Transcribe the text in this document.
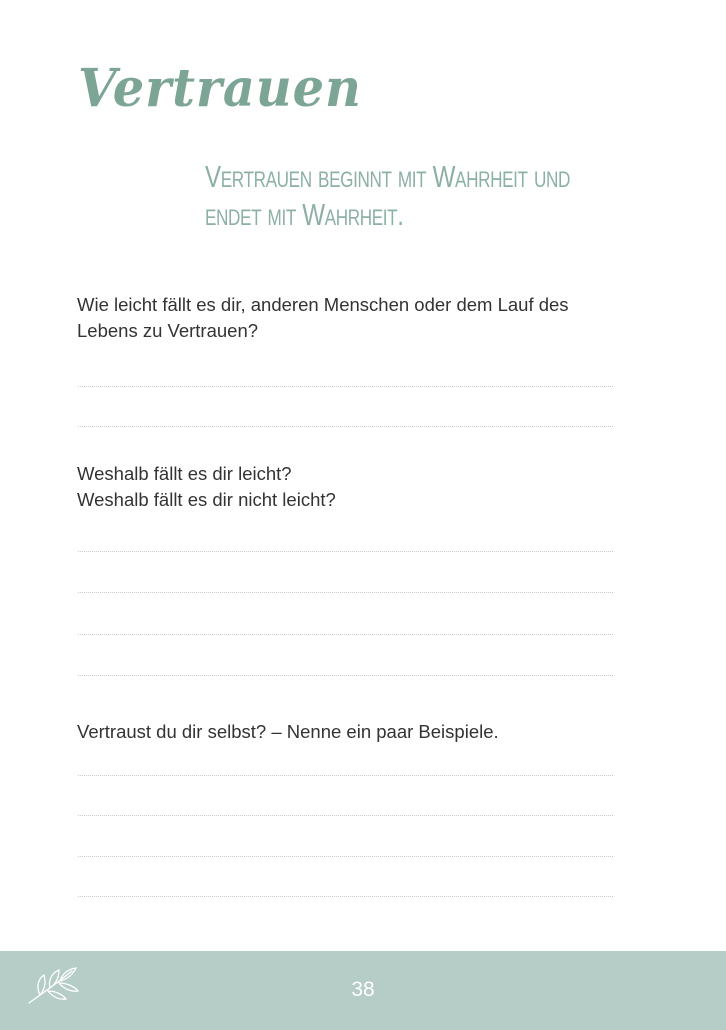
Vertrauen
Vertrauen beginnt mit Wahrheit und
endet mit Wahrheit.

Wie leicht fällt es dir, anderen Menschen oder dem Lauf des
Lebens zu Vertrauen?

Weshalb fällt es dir leicht?
Weshalb fällt es dir nicht leicht?

Vertraust du dir selbst? – Nenne ein paar Beispiele.

38
